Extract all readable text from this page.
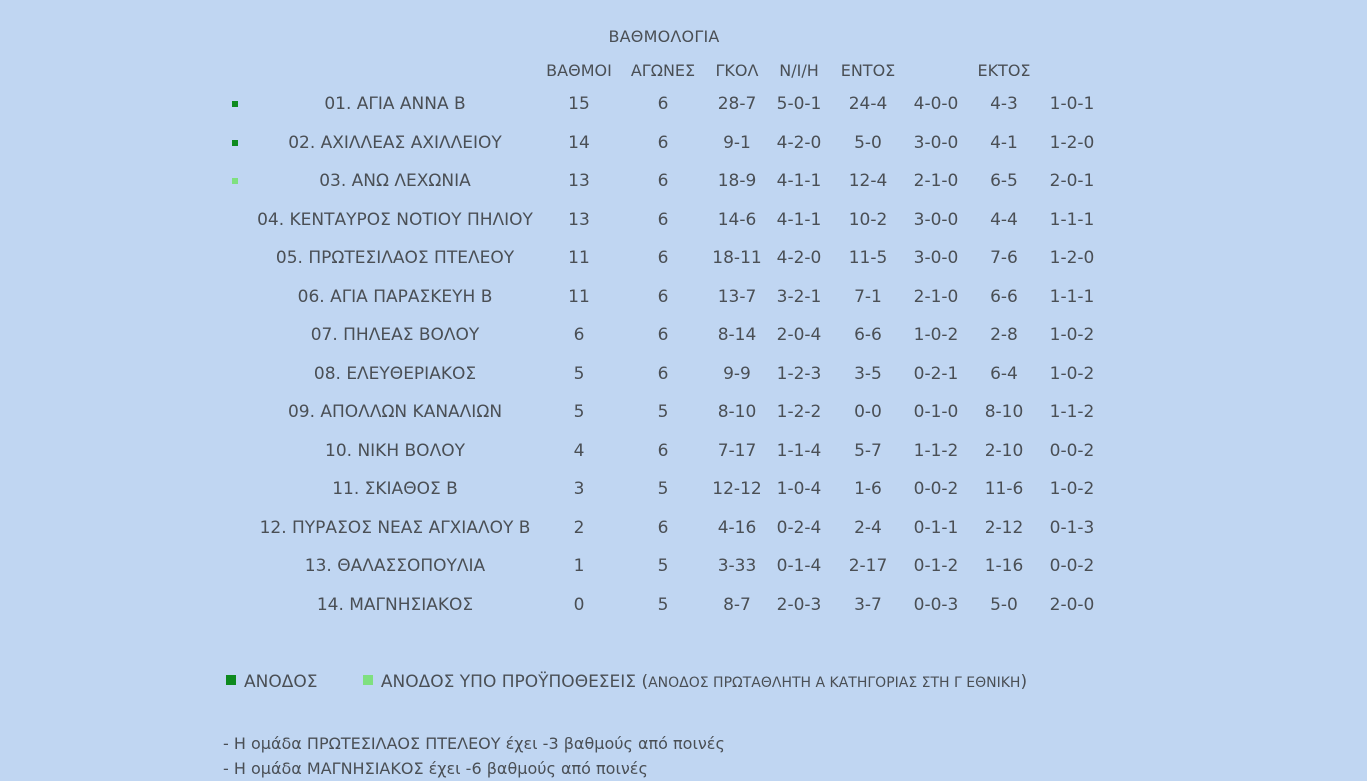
ΒΑΘΜΟΛΟΓΙΑ
		ΒΑΘΜΟΙ	ΑΓΩΝΕΣ	ΓΚΟΛ	Ν/Ι/Η	ΕΝΤΟΣ		ΕΚΤΟΣ	
	01. ΑΓΙΑ ΑΝΝΑ Β	15	6	28-7	5-0-1	24-4	4-0-0	4-3	1-0-1
	02. ΑΧΙΛΛΕΑΣ ΑΧΙΛΛΕΙΟΥ	14	6	9-1	4-2-0	5-0	3-0-0	4-1	1-2-0
	03. ΑΝΩ ΛΕΧΩΝΙΑ	13	6	18-9	4-1-1	12-4	2-1-0	6-5	2-0-1
	04. ΚΕΝΤΑΥΡΟΣ ΝΟΤΙΟΥ ΠΗΛΙΟΥ	13	6	14-6	4-1-1	10-2	3-0-0	4-4	1-1-1
	05. ΠΡΩΤΕΣΙΛΑΟΣ ΠΤΕΛΕΟΥ	11	6	18-11	4-2-0	11-5	3-0-0	7-6	1-2-0
	06. ΑΓΙΑ ΠΑΡΑΣΚΕΥΗ Β	11	6	13-7	3-2-1	7-1	2-1-0	6-6	1-1-1
	07. ΠΗΛΕΑΣ ΒΟΛΟΥ	6	6	8-14	2-0-4	6-6	1-0-2	2-8	1-0-2
	08. ΕΛΕΥΘΕΡΙΑΚΟΣ	5	6	9-9	1-2-3	3-5	0-2-1	6-4	1-0-2
	09. ΑΠΟΛΛΩΝ ΚΑΝΑΛΙΩΝ	5	5	8-10	1-2-2	0-0	0-1-0	8-10	1-1-2
	10. ΝΙΚΗ ΒΟΛΟΥ	4	6	7-17	1-1-4	5-7	1-1-2	2-10	0-0-2
	11. ΣΚΙΑΘΟΣ Β	3	5	12-12	1-0-4	1-6	0-0-2	11-6	1-0-2
	12. ΠΥΡΑΣΟΣ ΝΕΑΣ ΑΓΧΙΑΛΟΥ Β	2	6	4-16	0-2-4	2-4	0-1-1	2-12	0-1-3
	13. ΘΑΛΑΣΣΟΠΟΥΛΙΑ	1	5	3-33	0-1-4	2-17	0-1-2	1-16	0-0-2
	14. ΜΑΓΝΗΣΙΑΚΟΣ	0	5	8-7	2-0-3	3-7	0-0-3	5-0	2-0-0
ΑΝΟΔΟΣ	ΑΝΟΔΟΣ ΥΠΟ ΠΡΟΫΠΟΘΕΣΕΙΣ (ΑΝΟΔΟΣ ΠΡΩΤΑΘΛΗΤΗ Α ΚΑΤΗΓΟΡΙΑΣ ΣΤΗ Γ ΕΘΝΙΚΗ)
- Η ομάδα ΠΡΩΤΕΣΙΛΑΟΣ ΠΤΕΛΕΟΥ έχει -3 βαθμούς από ποινές
- Η ομάδα ΜΑΓΝΗΣΙΑΚΟΣ έχει -6 βαθμούς από ποινές
